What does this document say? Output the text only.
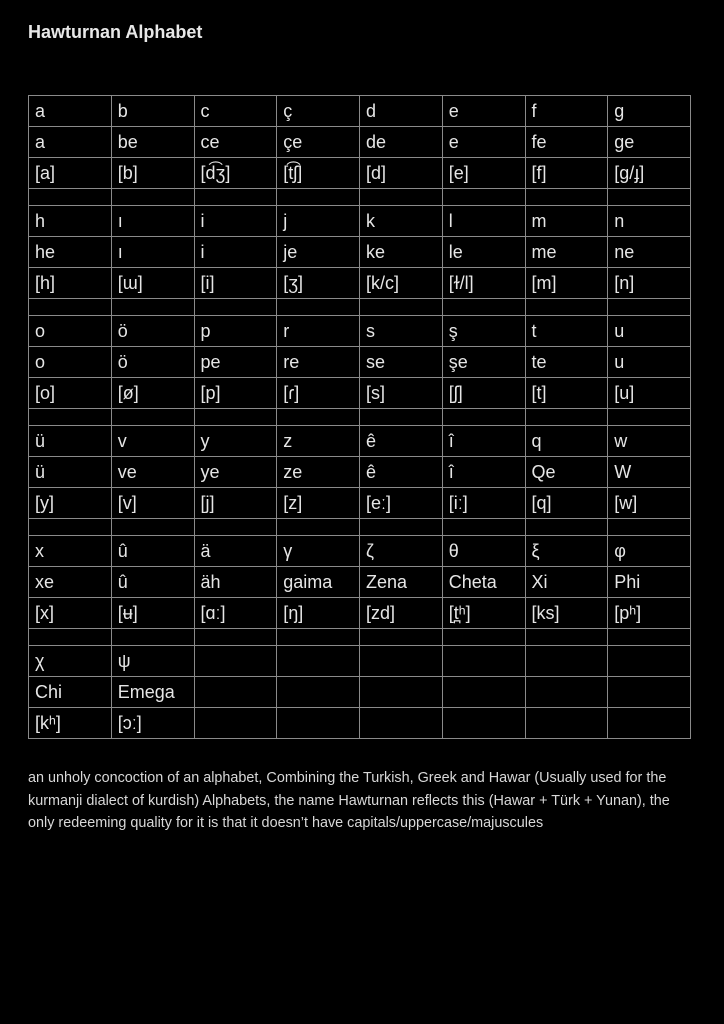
Hawturnan Alphabet
a	b	c	ç	d	e	f	g
a	be	ce	çe	de	e	fe	ge
[a]	[b]	[d͡ʒ]	[t͡ʃ]	[d]	[e]	[f]	[g/ɟ]

h	ı	i	j	k	l	m	n
he	ı	i	je	ke	le	me	ne
[h]	[ɯ]	[i]	[ʒ]	[k/c]	[ɫ/l]	[m]	[n]

o	ö	p	r	s	ş	t	u
o	ö	pe	re	se	şe	te	u
[o]	[ø]	[p]	[ɾ]	[s]	[ʃ]	[t]	[u]

ü	v	y	z	ê	î	q	w
ü	ve	ye	ze	ê	î	Qe	W
[y]	[v]	[j]	[z]	[eː]	[iː]	[q]	[w]

x	û	ä	γ	ζ	θ	ξ	φ
xe	û	äh	gaima	Zena	Cheta	Xi	Phi
[x]	[ʉ]	[ɑː]	[ŋ]	[zd]	[t̪ʰ]	[ks]	[pʰ]

χ	ψ						
Chi	Emega						
[kʰ]	[ɔː]						
an unholy concoction of an alphabet, Combining the Turkish, Greek and Hawar (Usually used for the kurmanji dialect of kurdish) Alphabets, the name Hawturnan reflects this (Hawar + Türk + Yunan), the only redeeming quality for it is that it doesn’t have capitals/uppercase/majuscules
